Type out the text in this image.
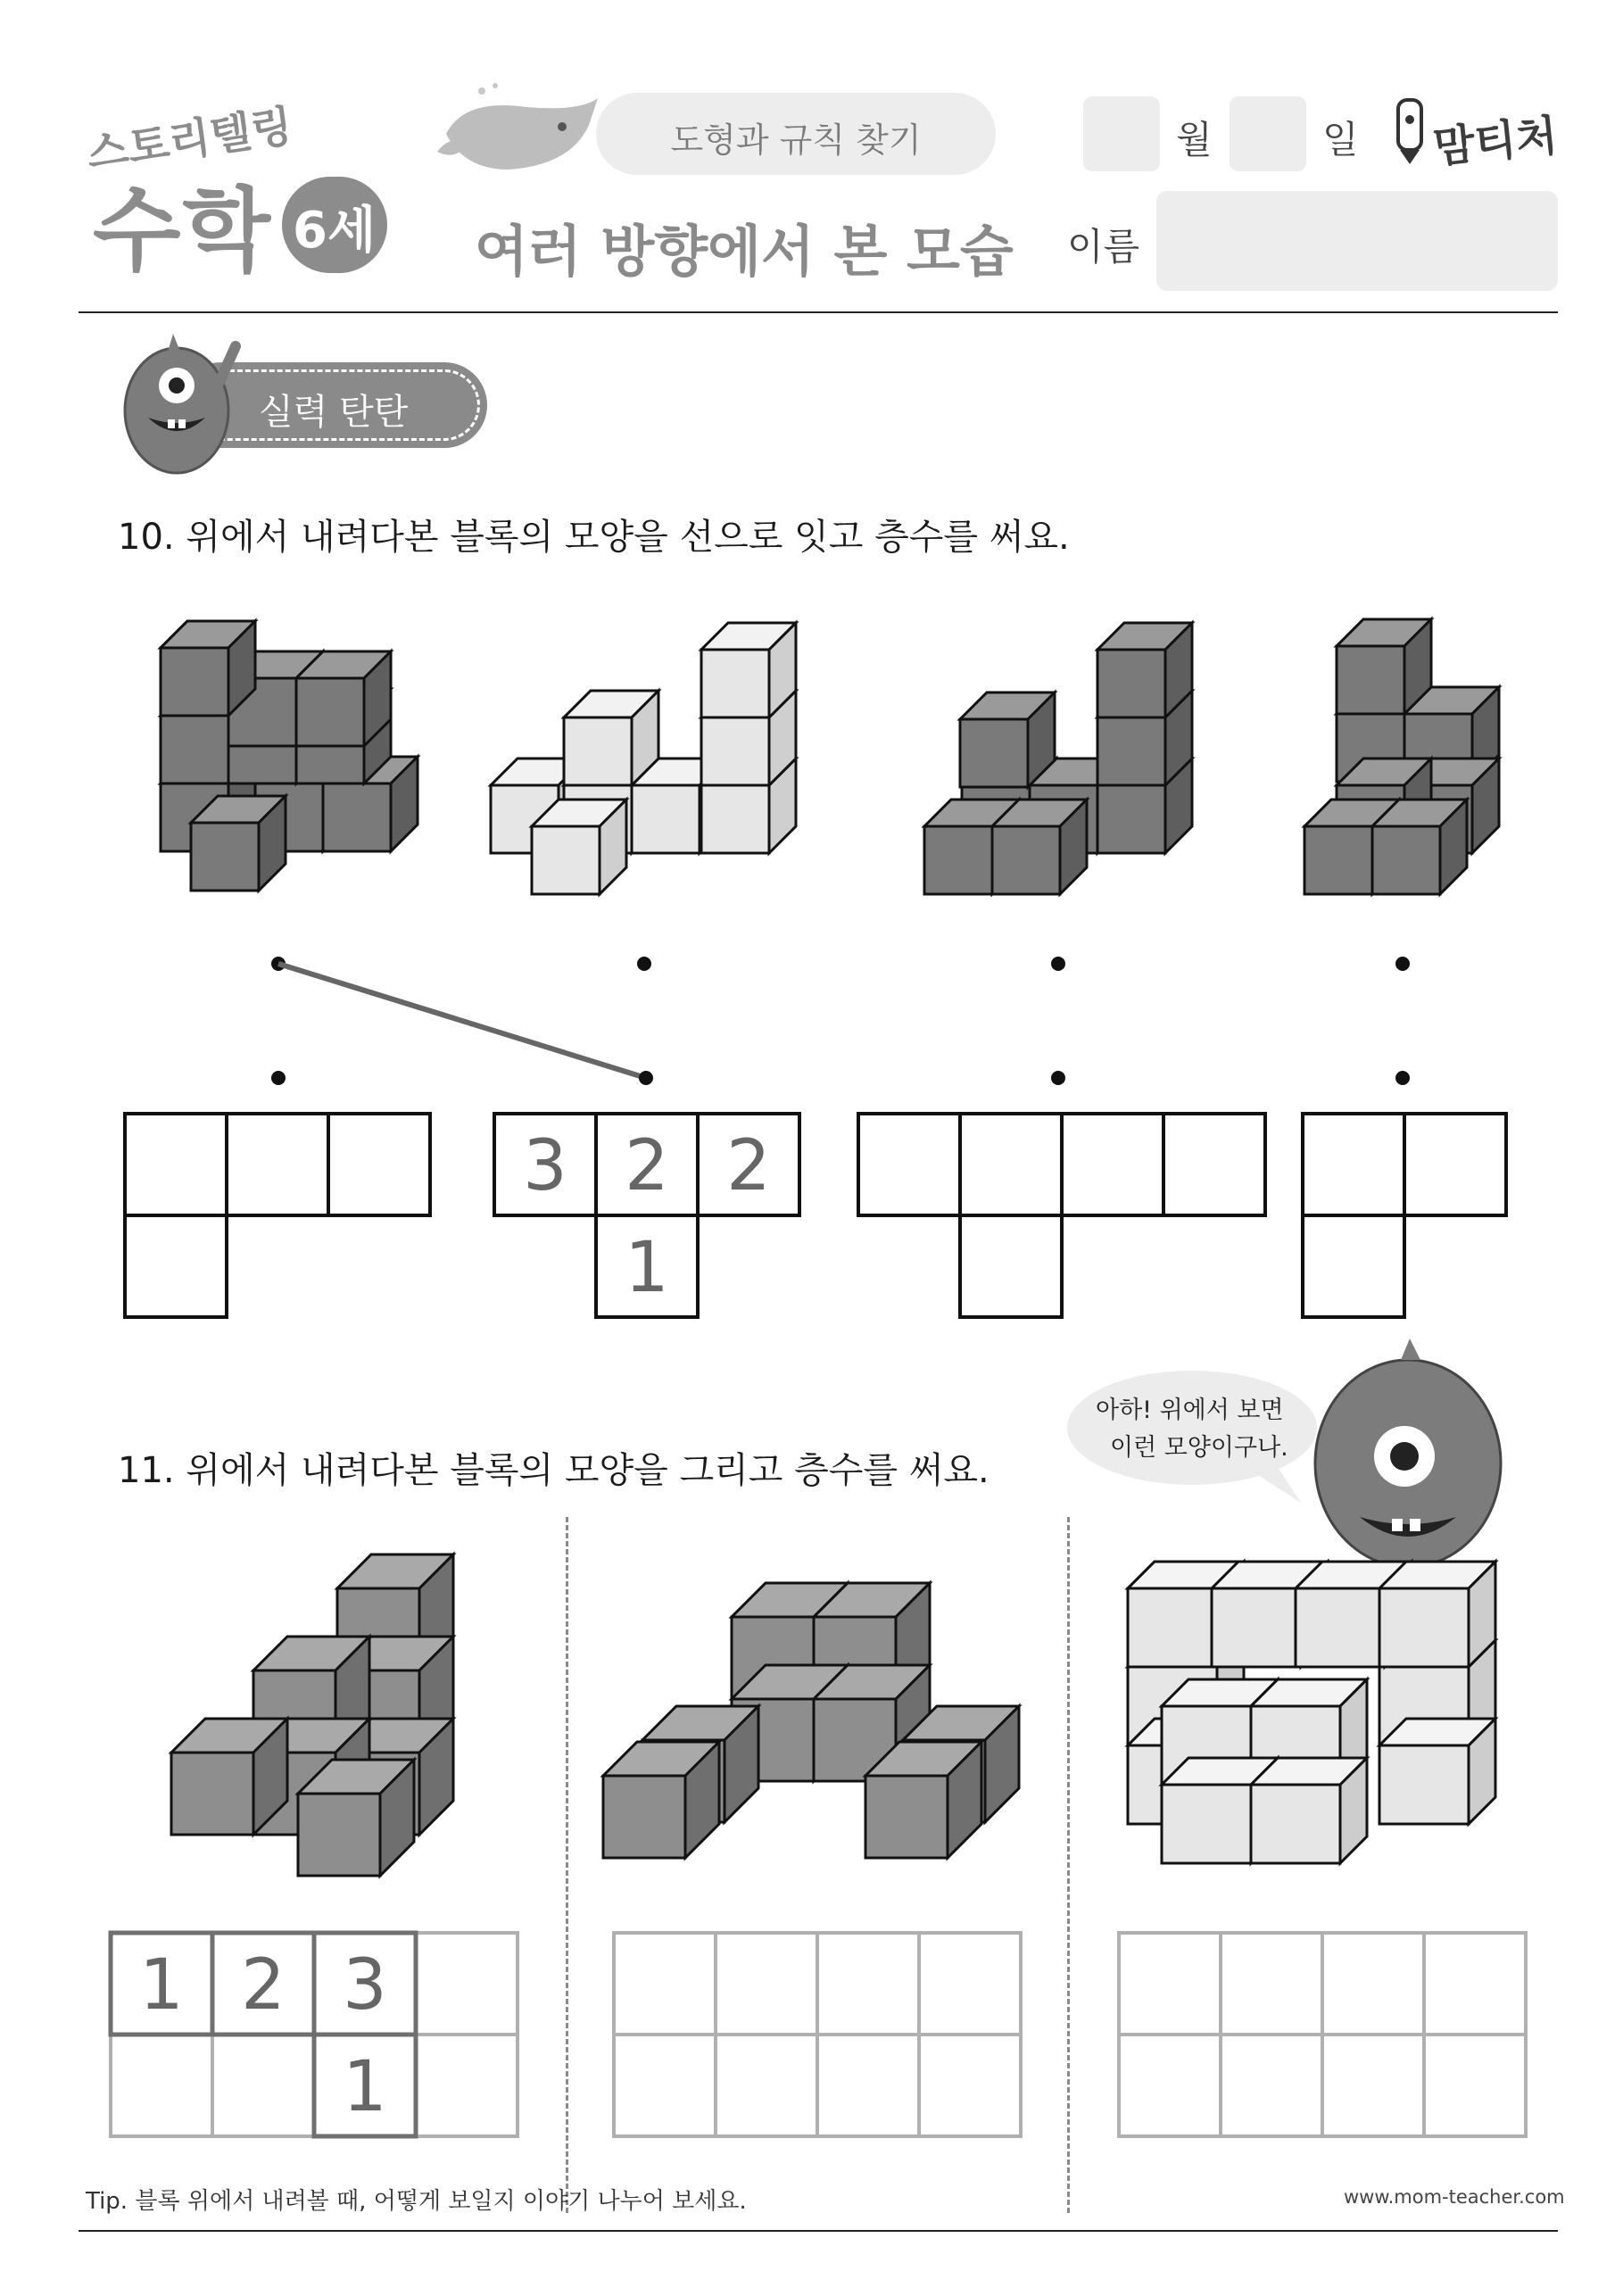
스토리텔링
수학 6세
도형과 규칙 찾기
여러 방향에서 본 모습
월	일 맘티처
이름
실력 탄탄
10. 위에서 내려다본 블록의 모양을 선으로 잇고 층수를 써요.
3 2 2
1
11. 위에서 내려다본 블록의 모양을 그리고 층수를 써요.
아하! 위에서 보면
이런 모양이구나.
1 2 3
1
Tip. 블록 위에서 내려볼 때, 어떻게 보일지 이야기 나누어 보세요.	www.mom-teacher.com
